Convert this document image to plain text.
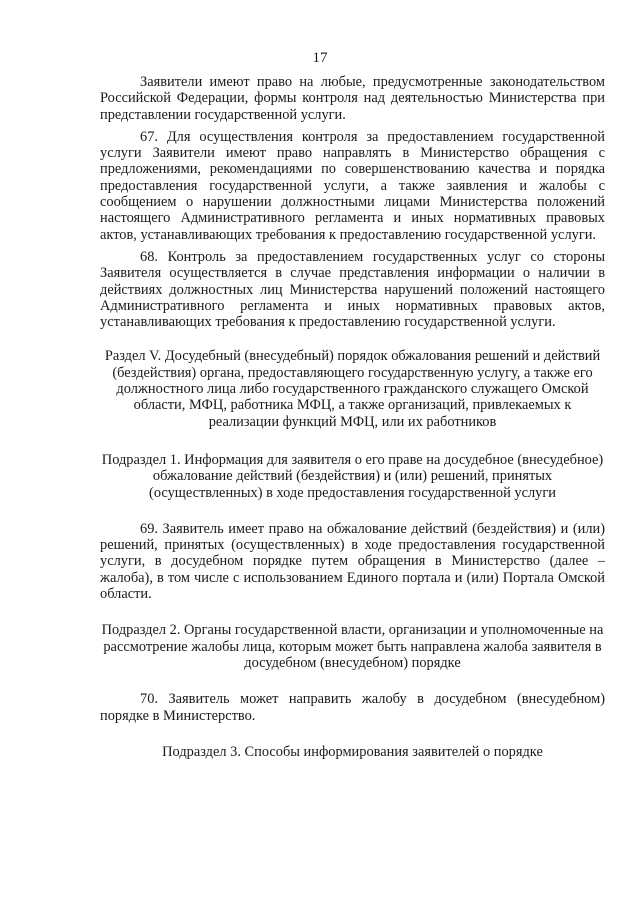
17

Заявители имеют право на любые, предусмотренные законодательством Российской Федерации, формы контроля над деятельностью Министерства при представлении государственной услуги.

67. Для осуществления контроля за предоставлением государственной услуги Заявители имеют право направлять в Министерство обращения с предложениями, рекомендациями по совершенствованию качества и порядка предоставления государственной услуги, а также заявления и жалобы с сообщением о нарушении должностными лицами Министерства положений настоящего Административного регламента и иных нормативных правовых актов, устанавливающих требования к предоставлению государственной услуги.

68. Контроль за предоставлением государственных услуг со стороны Заявителя осуществляется в случае представления информации о наличии в действиях должностных лиц Министерства нарушений положений настоящего Административного регламента и иных нормативных правовых актов, устанавливающих требования к предоставлению государственной услуги.

Раздел V. Досудебный (внесудебный) порядок обжалования решений и действий (бездействия) органа, предоставляющего государственную услугу, а также его должностного лица либо государственного гражданского служащего Омской области, МФЦ, работника МФЦ, а также организаций, привлекаемых к реализации функций МФЦ, или их работников

Подраздел 1. Информация для заявителя о его праве на досудебное (внесудебное) обжалование действий (бездействия) и (или) решений, принятых (осуществленных) в ходе предоставления государственной услуги

69. Заявитель имеет право на обжалование действий (бездействия) и (или) решений, принятых (осуществленных) в ходе предоставления государственной услуги, в досудебном порядке путем обращения в Министерство (далее – жалоба), в том числе с использованием Единого портала и (или) Портала Омской области.

Подраздел 2. Органы государственной власти, организации и уполномоченные на рассмотрение жалобы лица, которым может быть направлена жалоба заявителя в досудебном (внесудебном) порядке

70. Заявитель может направить жалобу в досудебном (внесудебном) порядке в Министерство.

Подраздел 3. Способы информирования заявителей о порядке
